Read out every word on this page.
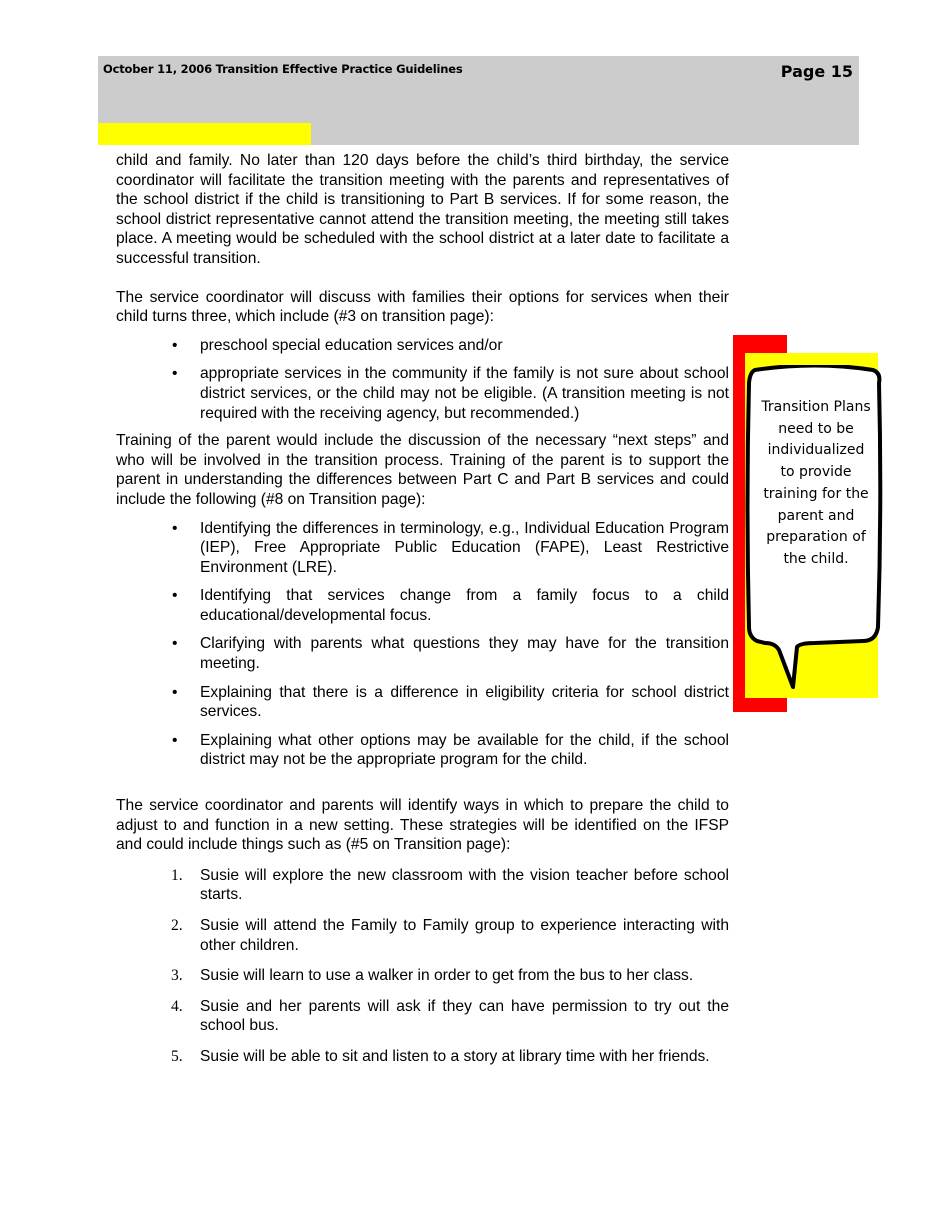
October 11, 2006 Transition Effective Practice Guidelines	Page 15

child and family. No later than 120 days before the child’s third birthday, the service coordinator will facilitate the transition meeting with the parents and representatives of the school district if the child is transitioning to Part B services. If for some reason, the school district representative cannot attend the transition meeting, the meeting still takes place. A meeting would be scheduled with the school district at a later date to facilitate a successful transition.

The service coordinator will discuss with families their options for services when their child turns three, which include (#3 on transition page):

• preschool special education services and/or
• appropriate services in the community if the family is not sure about school district services, or the child may not be eligible. (A transition meeting is not required with the receiving agency, but recommended.)

Training of the parent would include the discussion of the necessary “next steps” and who will be involved in the transition process. Training of the parent is to support the parent in understanding the differences between Part C and Part B services and could include the following (#8 on Transition page):

• Identifying the differences in terminology, e.g., Individual Education Program (IEP), Free Appropriate Public Education (FAPE), Least Restrictive Environment (LRE).
• Identifying that services change from a family focus to a child educational/developmental focus.
• Clarifying with parents what questions they may have for the transition meeting.
• Explaining that there is a difference in eligibility criteria for school district services.
• Explaining what other options may be available for the child, if the school district may not be the appropriate program for the child.

The service coordinator and parents will identify ways in which to prepare the child to adjust to and function in a new setting. These strategies will be identified on the IFSP and could include things such as (#5 on Transition page):

1. Susie will explore the new classroom with the vision teacher before school starts.
2. Susie will attend the Family to Family group to experience interacting with other children.
3. Susie will learn to use a walker in order to get from the bus to her class.
4. Susie and her parents will ask if they can have permission to try out the school bus.
5. Susie will be able to sit and listen to a story at library time with her friends.
Transition Plans need to be individualized to provide training for the parent and preparation of the child.
